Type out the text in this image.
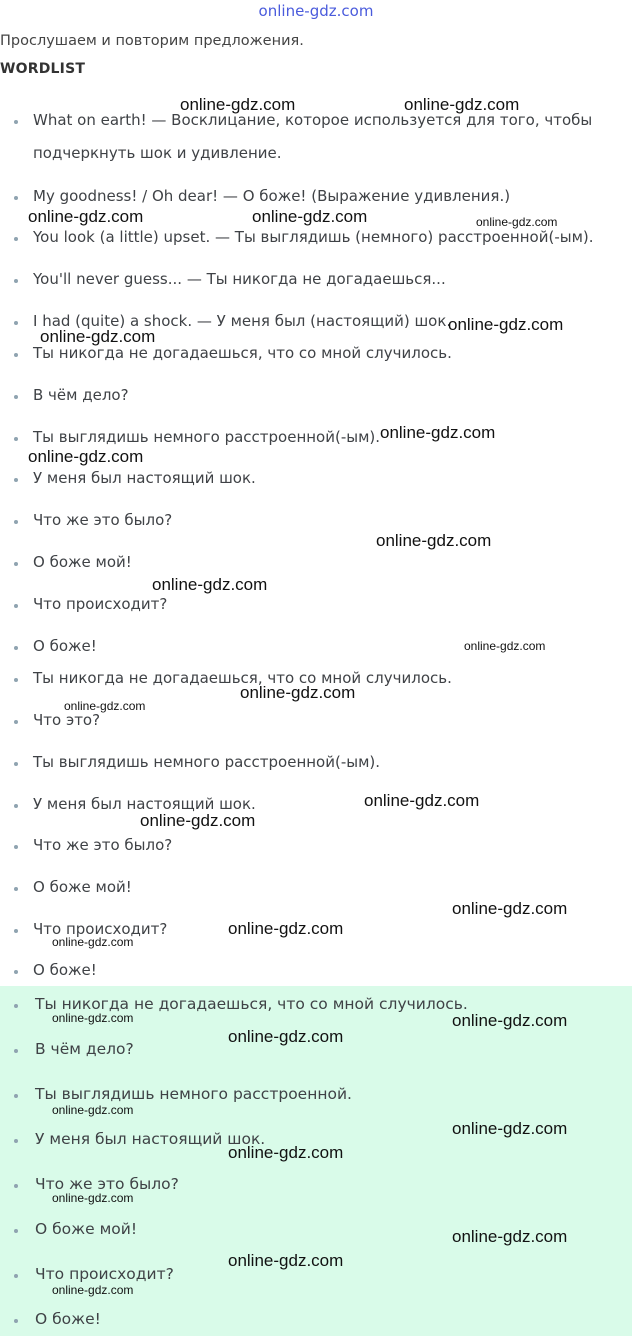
online-gdz.com
Прослушаем и повторим предложения.
WORDLIST
What on earth! — Восклицание, которое используется для того, чтобы
подчеркнуть шок и удивление.
My goodness! / Oh dear! — О боже! (Выражение удивления.)
You look (a little) upset. — Ты выглядишь (немного) расстроенной(-ым).
You'll never guess... — Ты никогда не догадаешься...
I had (quite) a shock. — У меня был (настоящий) шок.
Ты никогда не догадаешься, что со мной случилось.
В чём дело?
Ты выглядишь немного расстроенной(-ым).
У меня был настоящий шок.
Что же это было?
О боже мой!
Что происходит?
О боже!
Ты никогда не догадаешься, что со мной случилось.
Что это?
Ты выглядишь немного расстроенной(-ым).
У меня был настоящий шок.
Что же это было?
О боже мой!
Что происходит?
О боже!
Ты никогда не догадаешься, что со мной случилось.
В чём дело?
Ты выглядишь немного расстроенной.
У меня был настоящий шок.
Что же это было?
О боже мой!
Что происходит?
О боже!
online-gdz.com	online-gdz.com
online-gdz.com	online-gdz.com	online-gdz.com
online-gdz.com
online-gdz.com
online-gdz.com
online-gdz.com
online-gdz.com
online-gdz.com
online-gdz.com
online-gdz.com
online-gdz.com
online-gdz.com
online-gdz.com
online-gdz.com
online-gdz.com
online-gdz.com
online-gdz.com	online-gdz.com
online-gdz.com
online-gdz.com
online-gdz.com
online-gdz.com
online-gdz.com
online-gdz.com
online-gdz.com
online-gdz.com
